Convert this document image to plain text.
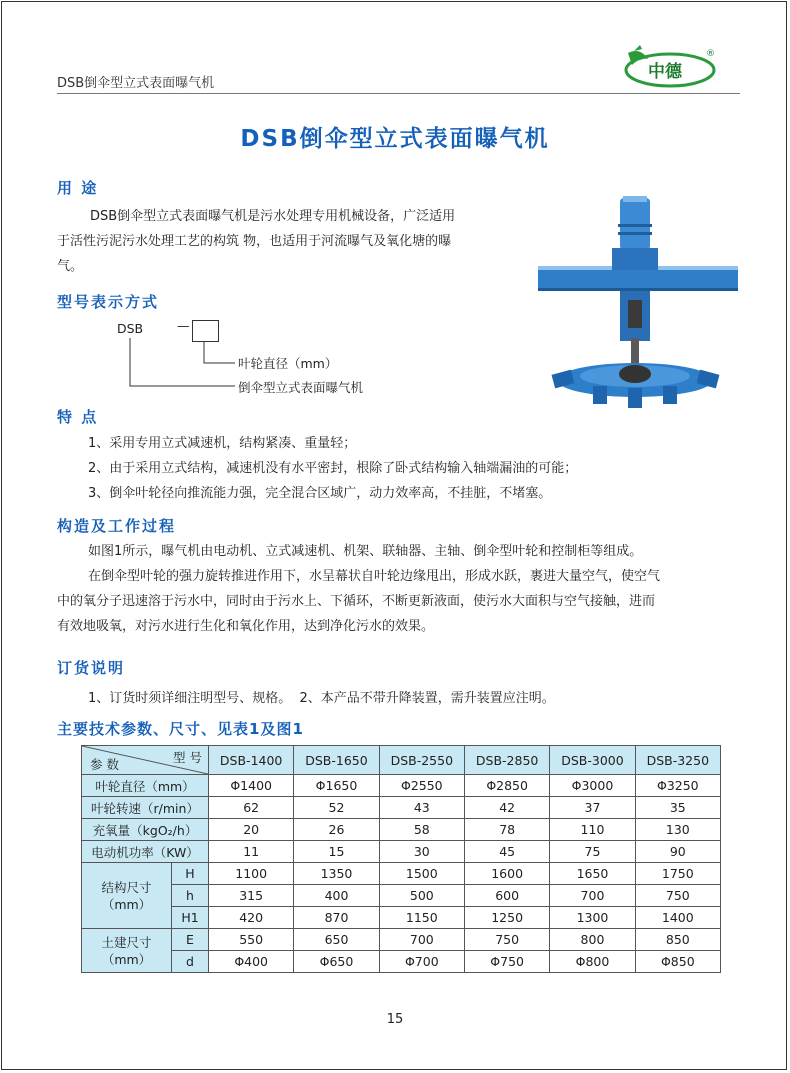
DSB倒伞型立式表面曝气机
中德
®
DSB倒伞型立式表面曝气机
用 途
DSB倒伞型立式表面曝气机是污水处理专用机械设备，广泛适用
于活性污泥污水处理工艺的构筑 物，也适用于河流曝气及氧化塘的曝
气。
型号表示方式
DSB	—
叶轮直径（mm）
倒伞型立式表面曝气机
特 点
1、采用专用立式减速机，结构紧凑、重量轻；
2、由于采用立式结构，减速机没有水平密封，根除了卧式结构输入轴端漏油的可能；
3、倒伞叶轮径向推流能力强，完全混合区域广，动力效率高，不挂脏，不堵塞。
构造及工作过程
如图1所示，曝气机由电动机、立式减速机、机架、联轴器、主轴、倒伞型叶轮和控制柜等组成。
在倒伞型叶轮的强力旋转推进作用下，水呈幕状自叶轮边缘甩出，形成水跃，裹进大量空气，使空气
中的氧分子迅速溶于污水中，同时由于污水上、下循环，不断更新液面，使污水大面积与空气接触，进而
有效地吸氧，对污水进行生化和氧化作用，达到净化污水的效果。
订货说明
1、订货时须详细注明型号、规格。  2、本产品不带升降装置，需升装置应注明。
主要技术参数、尺寸、见表1及图1
型 号
参 数		DSB-1400	DSB-1650	DSB-2550	DSB-2850	DSB-3000	DSB-3250
叶轮直径（mm）		Φ1400	Φ1650	Φ2550	Φ2850	Φ3000	Φ3250
叶轮转速（r/min）		62	52	43	42	37	35
充氧量（kgO₂/h）		20	26	58	78	110	130
电动机功率（KW）		11	15	30	45	75	90

结构尺寸
（mm）	H	1100	1350	1500	1600	1650	1750
	h	315	400	500	600	700	750
	H1	420	870	1150	1250	1300	1400

土建尺寸
（mm）	E	550	650	700	750	800	850
	d	Φ400	Φ650	Φ700	Φ750	Φ800	Φ850
15
